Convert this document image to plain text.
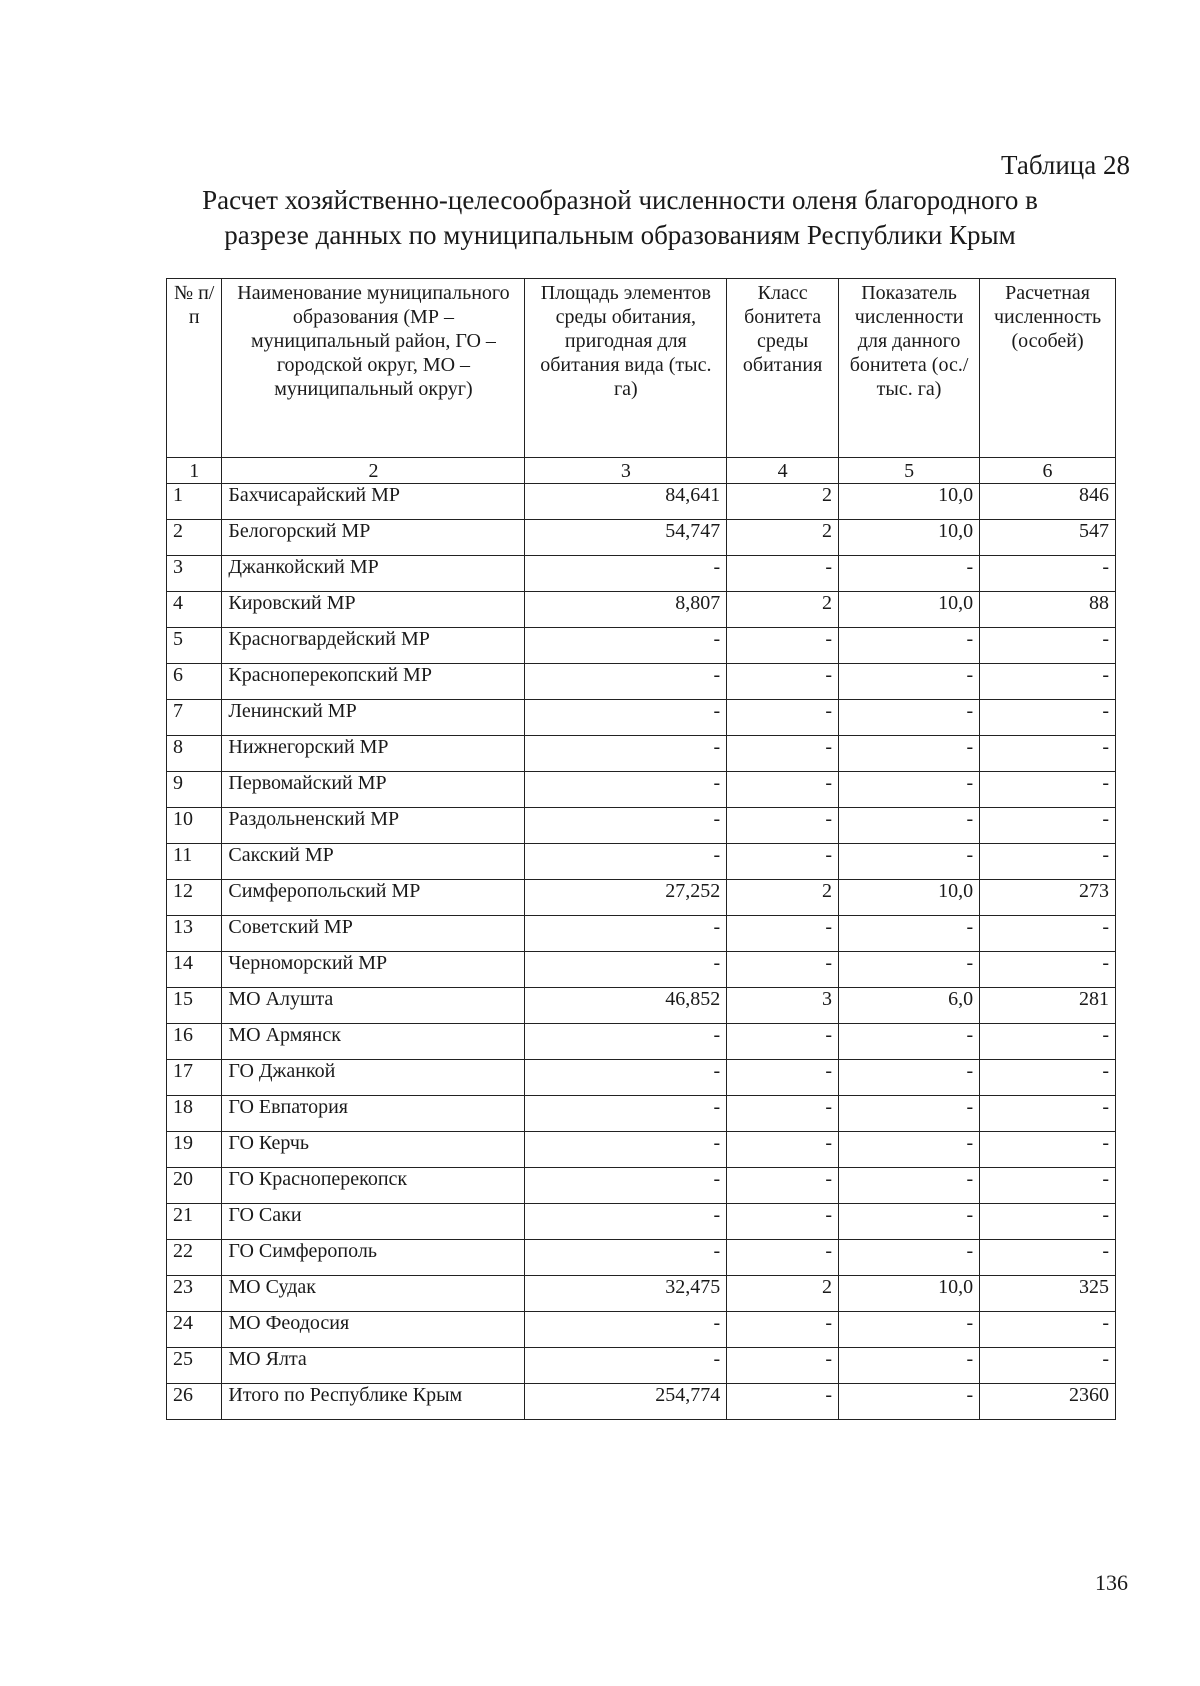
Таблица 28
Расчет хозяйственно-целесообразной численности оленя благородного в
разрезе данных по муниципальным образованиям Республики Крым
№ п/п	Наименование муниципального образования (МР – муниципальный район, ГО – городской округ, МО – муниципальный округ)	Площадь элементов среды обитания, пригодная для обитания вида (тыс. га)	Класс бонитета среды обитания	Показатель численности для данного бонитета (ос./тыс. га)	Расчетная численность (особей)
1	2	3	4	5	6
1	Бахчисарайский МР	84,641	2	10,0	846
2	Белогорский МР	54,747	2	10,0	547
3	Джанкойский МР	-	-	-	-
4	Кировский МР	8,807	2	10,0	88
5	Красногвардейский МР	-	-	-	-
6	Красноперекопский МР	-	-	-	-
7	Ленинский МР	-	-	-	-
8	Нижнегорский МР	-	-	-	-
9	Первомайский МР	-	-	-	-
10	Раздольненский МР	-	-	-	-
11	Сакский МР	-	-	-	-
12	Симферопольский МР	27,252	2	10,0	273
13	Советский МР	-	-	-	-
14	Черноморский МР	-	-	-	-
15	МО Алушта	46,852	3	6,0	281
16	МО Армянск	-	-	-	-
17	ГО Джанкой	-	-	-	-
18	ГО Евпатория	-	-	-	-
19	ГО Керчь	-	-	-	-
20	ГО Красноперекопск	-	-	-	-
21	ГО Саки	-	-	-	-
22	ГО Симферополь	-	-	-	-
23	МО Судак	32,475	2	10,0	325
24	МО Феодосия	-	-	-	-
25	МО Ялта	-	-	-	-
26	Итого по Республике Крым	254,774	-	-	2360
136
